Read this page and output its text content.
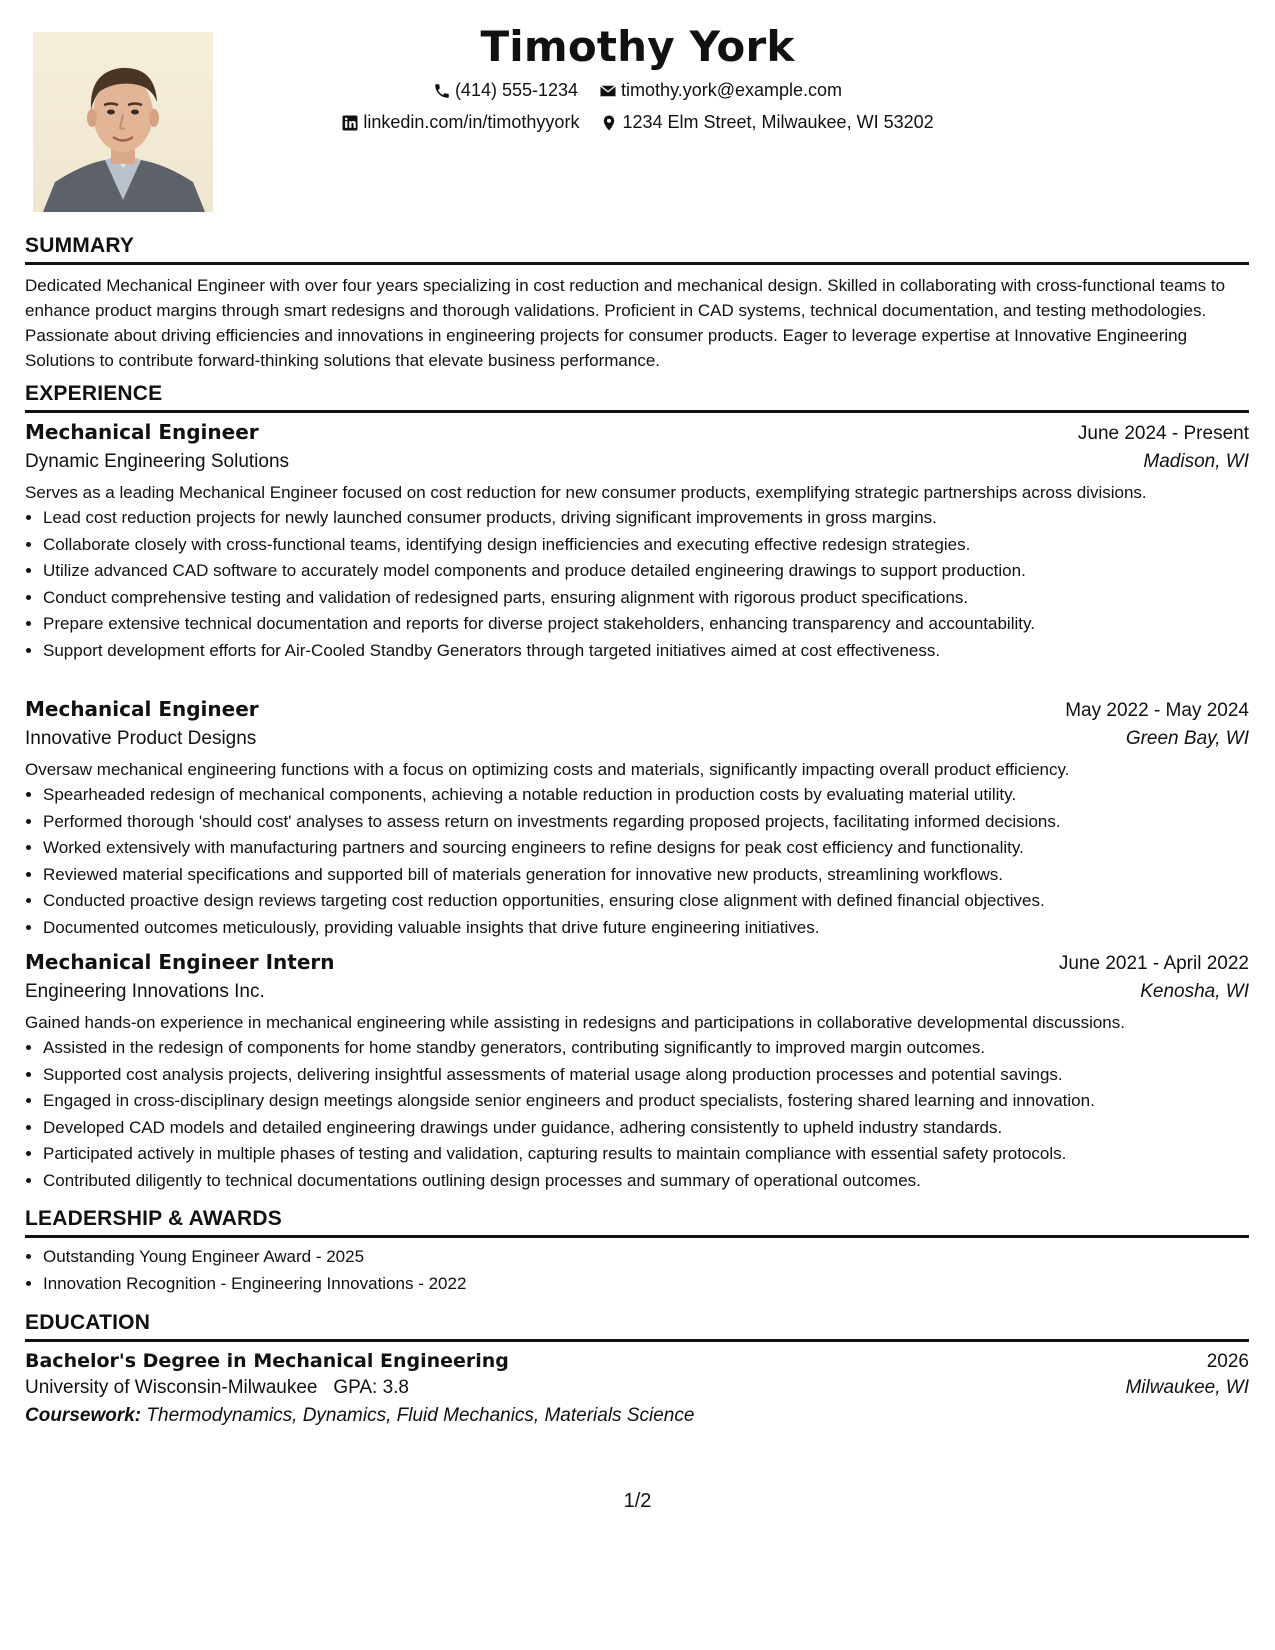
Timothy York
(414) 555-1234
timothy.york@example.com
linkedin.com/in/timothyyork
1234 Elm Street, Milwaukee, WI 53202
SUMMARY
Dedicated Mechanical Engineer with over four years specializing in cost reduction and mechanical design. Skilled in collaborating with cross-functional teams to enhance product margins through smart redesigns and thorough validations. Proficient in CAD systems, technical documentation, and testing methodologies. Passionate about driving efficiencies and innovations in engineering projects for consumer products. Eager to leverage expertise at Innovative Engineering Solutions to contribute forward-thinking solutions that elevate business performance.
EXPERIENCE
Mechanical Engineer	June 2024 - Present
Dynamic Engineering Solutions	Madison, WI
Serves as a leading Mechanical Engineer focused on cost reduction for new consumer products, exemplifying strategic partnerships across divisions.
• Lead cost reduction projects for newly launched consumer products, driving significant improvements in gross margins.
• Collaborate closely with cross-functional teams, identifying design inefficiencies and executing effective redesign strategies.
• Utilize advanced CAD software to accurately model components and produce detailed engineering drawings to support production.
• Conduct comprehensive testing and validation of redesigned parts, ensuring alignment with rigorous product specifications.
• Prepare extensive technical documentation and reports for diverse project stakeholders, enhancing transparency and accountability.
• Support development efforts for Air-Cooled Standby Generators through targeted initiatives aimed at cost effectiveness.
Mechanical Engineer	May 2022 - May 2024
Innovative Product Designs	Green Bay, WI
Oversaw mechanical engineering functions with a focus on optimizing costs and materials, significantly impacting overall product efficiency.
• Spearheaded redesign of mechanical components, achieving a notable reduction in production costs by evaluating material utility.
• Performed thorough 'should cost' analyses to assess return on investments regarding proposed projects, facilitating informed decisions.
• Worked extensively with manufacturing partners and sourcing engineers to refine designs for peak cost efficiency and functionality.
• Reviewed material specifications and supported bill of materials generation for innovative new products, streamlining workflows.
• Conducted proactive design reviews targeting cost reduction opportunities, ensuring close alignment with defined financial objectives.
• Documented outcomes meticulously, providing valuable insights that drive future engineering initiatives.
Mechanical Engineer Intern	June 2021 - April 2022
Engineering Innovations Inc.	Kenosha, WI
Gained hands-on experience in mechanical engineering while assisting in redesigns and participations in collaborative developmental discussions.
• Assisted in the redesign of components for home standby generators, contributing significantly to improved margin outcomes.
• Supported cost analysis projects, delivering insightful assessments of material usage along production processes and potential savings.
• Engaged in cross-disciplinary design meetings alongside senior engineers and product specialists, fostering shared learning and innovation.
• Developed CAD models and detailed engineering drawings under guidance, adhering consistently to upheld industry standards.
• Participated actively in multiple phases of testing and validation, capturing results to maintain compliance with essential safety protocols.
• Contributed diligently to technical documentations outlining design processes and summary of operational outcomes.
LEADERSHIP & AWARDS
• Outstanding Young Engineer Award - 2025
• Innovation Recognition - Engineering Innovations - 2022
EDUCATION
Bachelor's Degree in Mechanical Engineering	2026
University of Wisconsin-Milwaukee GPA: 3.8	Milwaukee, WI
Coursework: Thermodynamics, Dynamics, Fluid Mechanics, Materials Science
1/2
